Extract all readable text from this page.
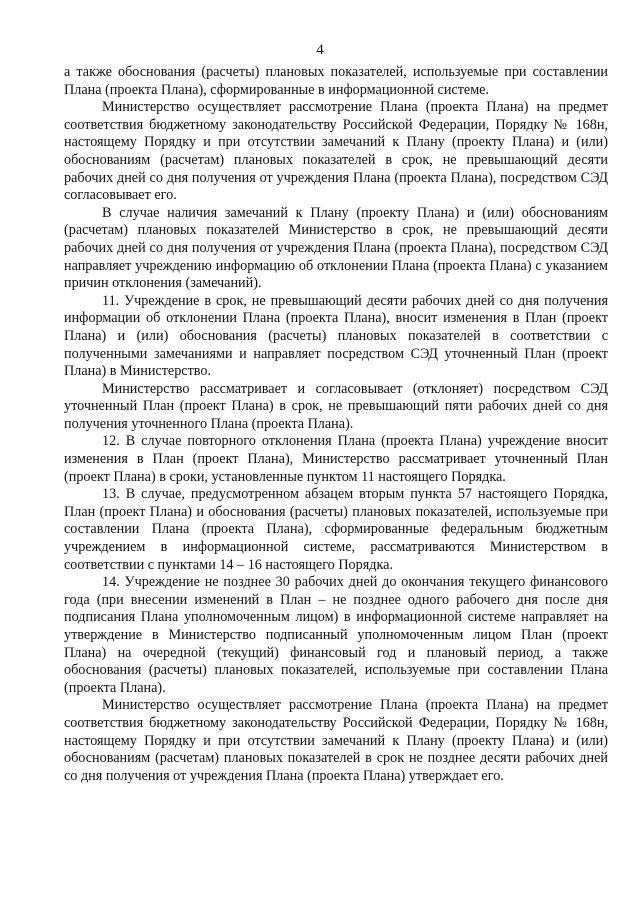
4

а также обоснования (расчеты) плановых показателей, используемые при составлении Плана (проекта Плана), сформированные в информационной системе.

Министерство осуществляет рассмотрение Плана (проекта Плана) на предмет соответствия бюджетному законодательству Российской Федерации, Порядку № 168н, настоящему Порядку и при отсутствии замечаний к Плану (проекту Плана) и (или) обоснованиям (расчетам) плановых показателей в срок, не превышающий десяти рабочих дней со дня получения от учреждения Плана (проекта Плана), посредством СЭД согласовывает его.

В случае наличия замечаний к Плану (проекту Плана) и (или) обоснованиям (расчетам) плановых показателей Министерство в срок, не превышающий десяти рабочих дней со дня получения от учреждения Плана (проекта Плана), посредством СЭД направляет учреждению информацию об отклонении Плана (проекта Плана) с указанием причин отклонения (замечаний).

11. Учреждение в срок, не превышающий десяти рабочих дней со дня получения информации об отклонении Плана (проекта Плана), вносит изменения в План (проект Плана) и (или) обоснования (расчеты) плановых показателей в соответствии с полученными замечаниями и направляет посредством СЭД уточненный План (проект Плана) в Министерство.

Министерство рассматривает и согласовывает (отклоняет) посредством СЭД уточненный План (проект Плана) в срок, не превышающий пяти рабочих дней со дня получения уточненного Плана (проекта Плана).

12. В случае повторного отклонения Плана (проекта Плана) учреждение вносит изменения в План (проект Плана), Министерство рассматривает уточненный План (проект Плана) в сроки, установленные пунктом 11 настоящего Порядка.

13. В случае, предусмотренном абзацем вторым пункта 57 настоящего Порядка, План (проект Плана) и обоснования (расчеты) плановых показателей, используемые при составлении Плана (проекта Плана), сформированные федеральным бюджетным учреждением в информационной системе, рассматриваются Министерством в соответствии с пунктами 14 – 16 настоящего Порядка.

14. Учреждение не позднее 30 рабочих дней до окончания текущего финансового года (при внесении изменений в План – не позднее одного рабочего дня после дня подписания Плана уполномоченным лицом) в информационной системе направляет на утверждение в Министерство подписанный уполномоченным лицом План (проект Плана) на очередной (текущий) финансовый год и плановый период, а также обоснования (расчеты) плановых показателей, используемые при составлении Плана (проекта Плана).

Министерство осуществляет рассмотрение Плана (проекта Плана) на предмет соответствия бюджетному законодательству Российской Федерации, Порядку № 168н, настоящему Порядку и при отсутствии замечаний к Плану (проекту Плана) и (или) обоснованиям (расчетам) плановых показателей в срок не позднее десяти рабочих дней со дня получения от учреждения Плана (проекта Плана) утверждает его.
